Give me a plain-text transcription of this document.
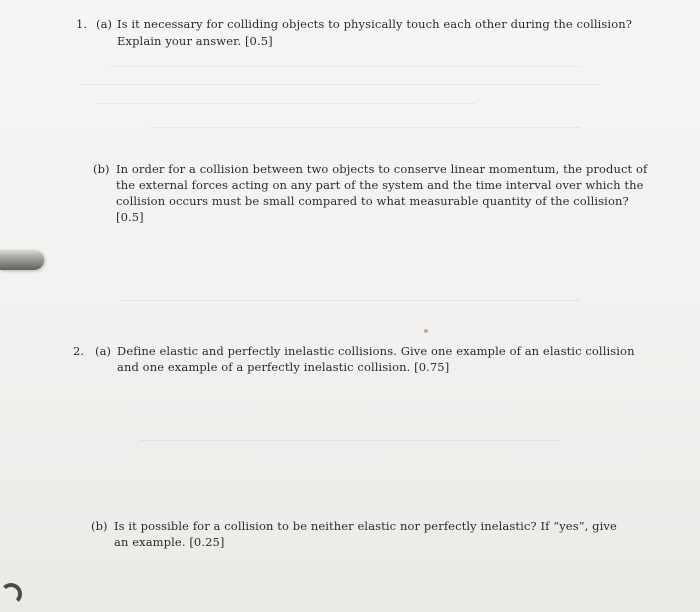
1. (a) Is it necessary for colliding objects to physically touch each other during the collision?
Explain your answer. [0.5]
(b) In order for a collision between two objects to conserve linear momentum, the product of
the external forces acting on any part of the system and the time interval over which the
collision occurs must be small compared to what measurable quantity of the collision?
[0.5]
2. (a) Define elastic and perfectly inelastic collisions. Give one example of an elastic collision
and one example of a perfectly inelastic collision. [0.75]
(b) Is it possible for a collision to be neither elastic nor perfectly inelastic? If “yes”, give
an example. [0.25]
